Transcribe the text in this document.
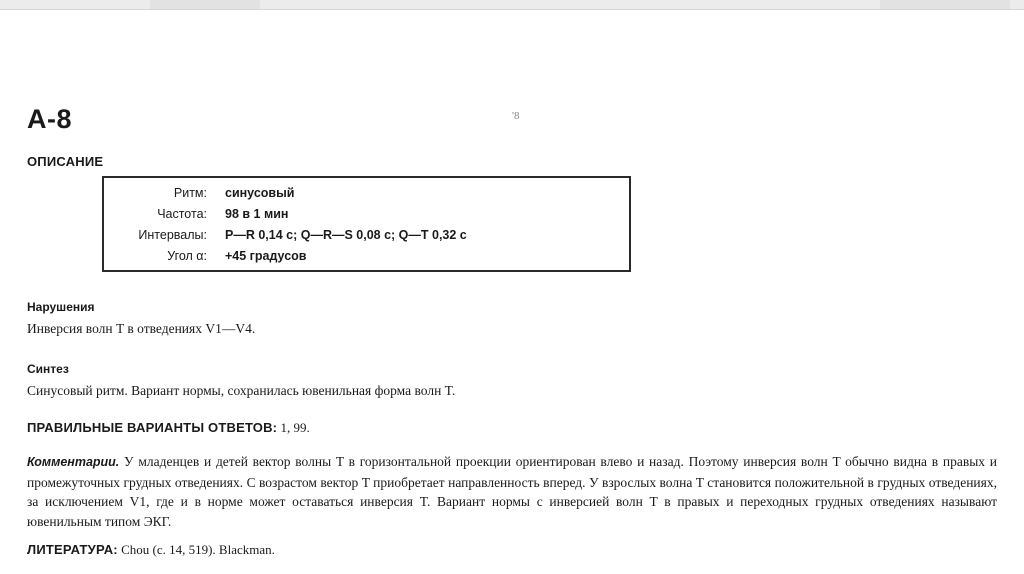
А-8	'8
ОПИСАНИЕ
Ритм: синусовый
Частота: 98 в 1 мин
Интервалы: P—R 0,14 с; Q—R—S 0,08 с; Q—T 0,32 с
Угол α: +45 градусов
Нарушения
Инверсия волн T в отведениях V1—V4.
Синтез
Синусовый ритм. Вариант нормы, сохранилась ювенильная форма волн T.
ПРАВИЛЬНЫЕ ВАРИАНТЫ ОТВЕТОВ: 1, 99.
Комментарии. У младенцев и детей вектор волны T в горизонтальной проекции ориентирован влево и назад. Поэтому инверсия волн T обычно видна в правых и промежуточных грудных отведениях. С возрастом вектор T приобретает направленность вперед. У взрослых волна T становится положительной в грудных отведениях, за исключением V1, где и в норме может оставаться инверсия T. Вариант нормы с инверсией волн T в правых и переходных грудных отведениях называют ювенильным типом ЭКГ.
ЛИТЕРАТУРА: Chou (c. 14, 519). Blackman.
